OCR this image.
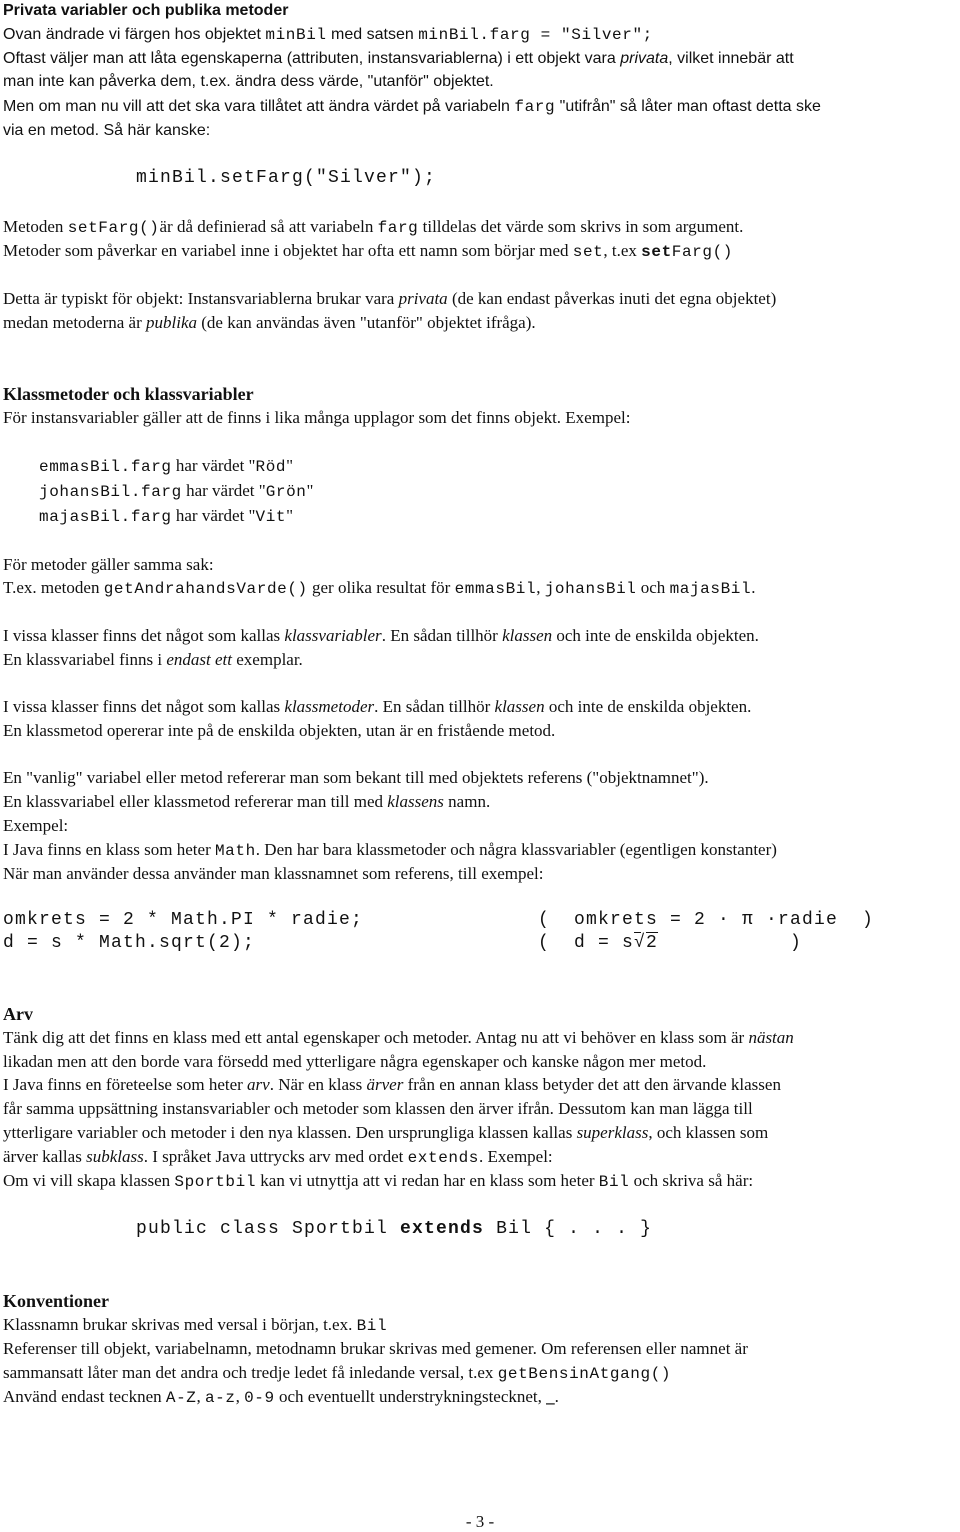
Privata variabler och publika metoder
Ovan ändrade vi färgen hos objektet minBil med satsen minBil.farg = "Silver";
Oftast väljer man att låta egenskaperna (attributen, instansvariablerna) i ett objekt vara privata, vilket innebär att
man inte kan påverka dem, t.ex. ändra dess värde, "utanför" objektet.
Men om man nu vill att det ska vara tillåtet att ändra värdet på variabeln farg "utifrån" så låter man oftast detta ske
via en metod. Så här kanske:
minBil.setFarg("Silver");
Metoden setFarg()är då definierad så att variabeln farg tilldelas det värde som skrivs in som argument.
Metoder som påverkar en variabel inne i objektet har ofta ett namn som börjar med set, t.ex setFarg()
Detta är typiskt för objekt: Instansvariablerna brukar vara privata (de kan endast påverkas inuti det egna objektet)
medan metoderna är publika (de kan användas även "utanför" objektet ifråga).
Klassmetoder och klassvariabler
För instansvariabler gäller att de finns i lika många upplagor som det finns objekt. Exempel:
emmasBil.farg har värdet "Röd"
johansBil.farg har värdet "Grön"
majasBil.farg har värdet "Vit"
För metoder gäller samma sak:
T.ex. metoden getAndrahandsVarde() ger olika resultat för emmasBil, johansBil och majasBil.
I vissa klasser finns det något som kallas klassvariabler. En sådan tillhör klassen och inte de enskilda objekten.
En klassvariabel finns i endast ett exemplar.
I vissa klasser finns det något som kallas klassmetoder. En sådan tillhör klassen och inte de enskilda objekten.
En klassmetod opererar inte på de enskilda objekten, utan är en fristående metod.
En "vanlig" variabel eller metod refererar man som bekant till med objektets referens ("objektnamnet").
En klassvariabel eller klassmetod refererar man till med klassens namn.
Exempel:
I Java finns en klass som heter Math. Den har bara klassmetoder och några klassvariabler (egentligen konstanter)
När man använder dessa använder man klassnamnet som referens, till exempel:
omkrets = 2 * Math.PI * radie;	(  omkrets = 2 · π ·radie  )
d = s * Math.sqrt(2);	(  d = s√2           )
Arv
Tänk dig att det finns en klass med ett antal egenskaper och metoder. Antag nu att vi behöver en klass som är nästan
likadan men att den borde vara försedd med ytterligare några egenskaper och kanske någon mer metod.
I Java finns en företeelse som heter arv. När en klass ärver från en annan klass betyder det att den ärvande klassen
får samma uppsättning instansvariabler och metoder som klassen den ärver ifrån. Dessutom kan man lägga till
ytterligare variabler och metoder i den nya klassen. Den ursprungliga klassen kallas superklass, och klassen som
ärver kallas subklass. I språket Java uttrycks arv med ordet extends. Exempel:
Om vi vill skapa klassen Sportbil kan vi utnyttja att vi redan har en klass som heter Bil och skriva så här:
public class Sportbil extends Bil { . . . }
Konventioner
Klassnamn brukar skrivas med versal i början, t.ex. Bil
Referenser till objekt, variabelnamn, metodnamn brukar skrivas med gemener. Om referensen eller namnet är
sammansatt låter man det andra och tredje ledet få inledande versal, t.ex getBensinAtgang()
Använd endast tecknen A-Z, a-z, 0-9 och eventuellt understrykningstecknet, _.
- 3 -
